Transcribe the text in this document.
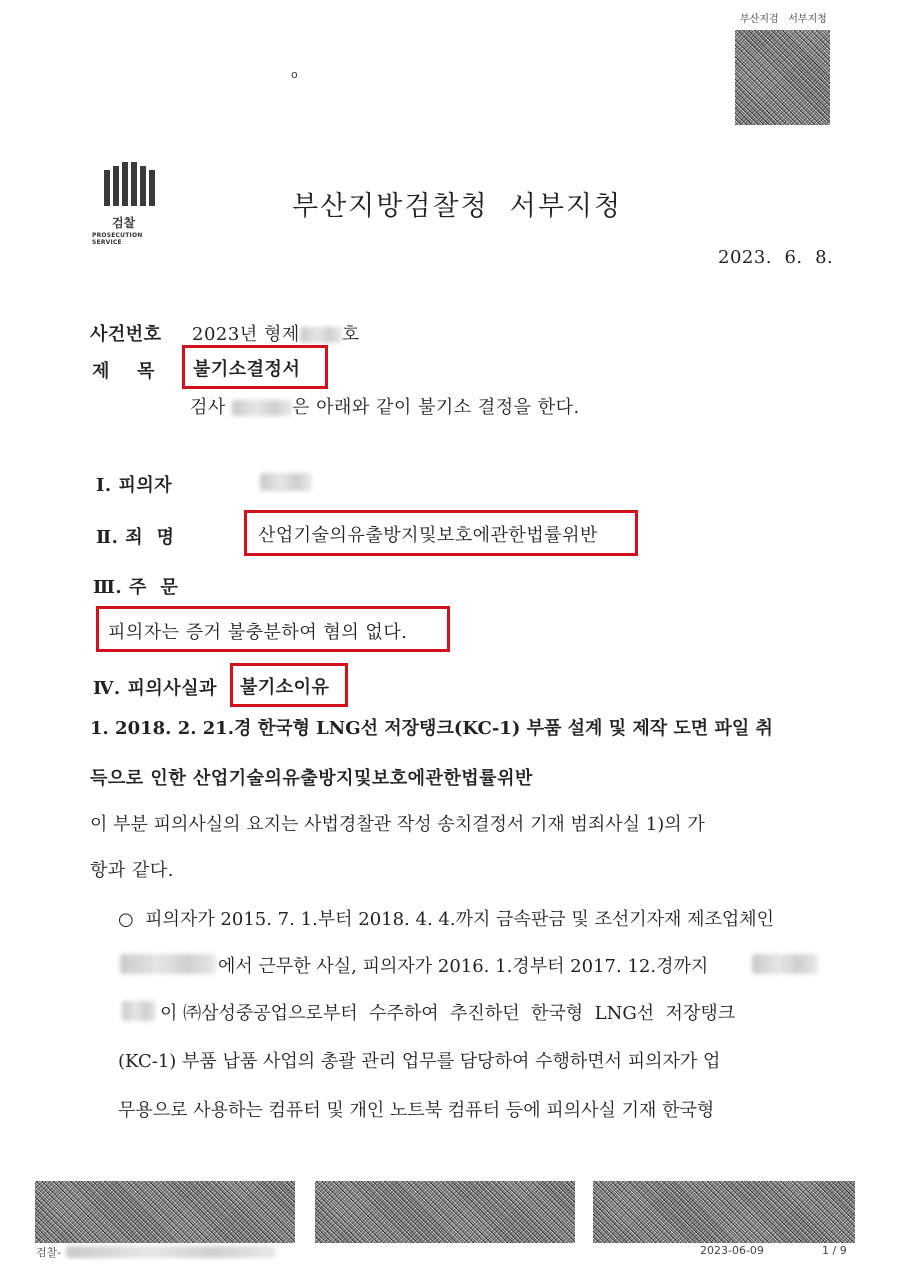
부산지검 서부지청
o
검찰
PROSECUTION SERVICE
부산지방검찰청  서부지청
2023.  6.  8.
사건번호 2023년 형제 호
제    목 불기소결정서
검사	은 아래와 같이 불기소 결정을 한다.
Ⅰ. 피의자
Ⅱ. 죄  명	산업기술의유출방지및보호에관한법률위반
Ⅲ. 주  문
피의자는 증거 불충분하여 혐의 없다.
Ⅳ. 피의사실과 불기소이유
1. 2018. 2. 21.경 한국형 LNG선 저장탱크(KC-1) 부품 설계 및 제작 도면 파일 취
득으로 인한 산업기술의유출방지및보호에관한법률위반
이 부분 피의사실의 요지는 사법경찰관 작성 송치결정서 기재 범죄사실 1)의 가
항과 같다.
○  피의자가 2015. 7. 1.부터 2018. 4. 4.까지 금속판금 및 조선기자재 제조업체인
에서 근무한 사실, 피의자가 2016. 1.경부터 2017. 12.경까지
이 ㈜삼성중공업으로부터  수주하여  추진하던  한국형  LNG선  저장탱크
(KC-1) 부품 납품 사업의 총괄 관리 업무를 담당하여 수행하면서 피의자가 업
무용으로 사용하는 컴퓨터 및 개인 노트북 컴퓨터 등에 피의사실 기재 한국형
검찰-	2023-06-09	1 / 9
